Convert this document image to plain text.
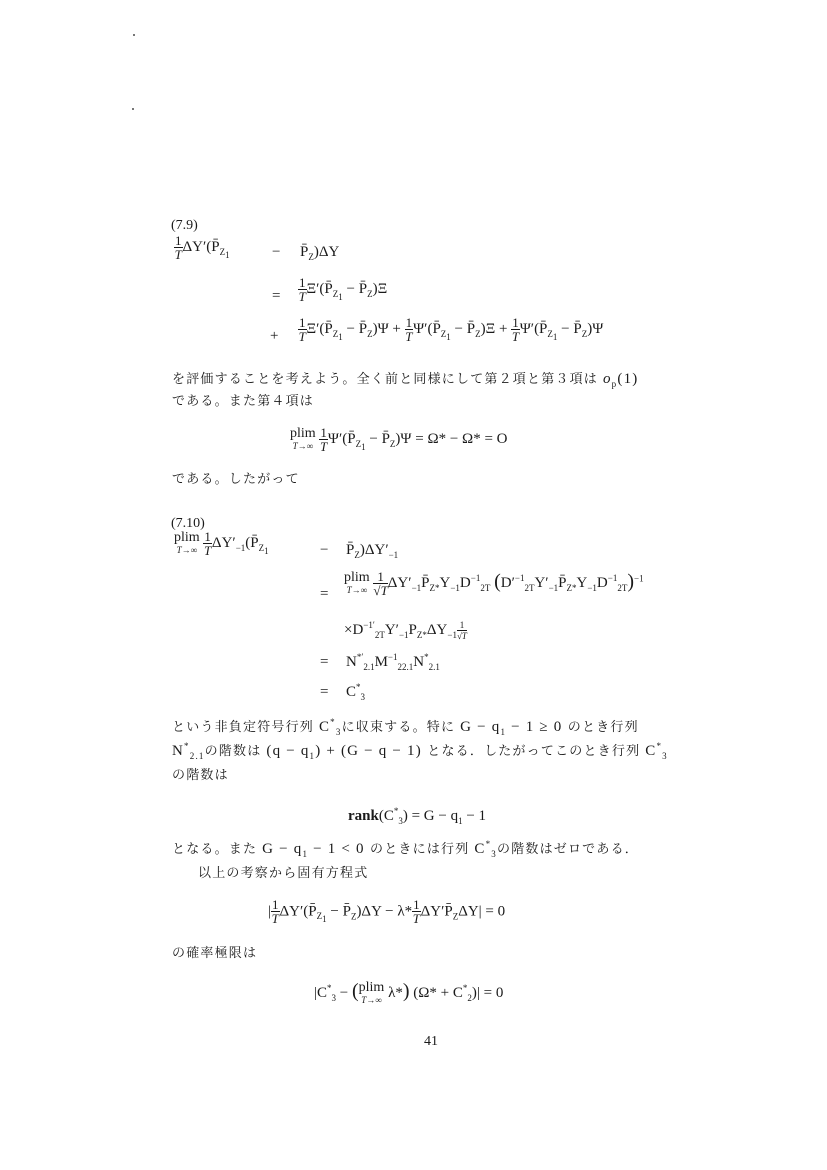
(7.9)
$\frac{1}{T}$ $\Delta Y'(P̄_{Z_1}$	− $P̄_Z)\Delta Y$
= $\frac{1}{T}$ $\Xi'(P̄_{Z_1}$ − $P̄_Z)\Xi$
+ $\frac{1}{T}$ $\Xi'(P̄_{Z_1}$ − $P̄_Z)\Psi + \frac{1}{T}$ $\Psi'(P̄_{Z_1}$ − $P̄_Z)\Xi + \frac{1}{T}$ $\Psi'(P̄_{Z_1}$ − $P̄_Z)\Psi$
を評価することを考えよう。全く前と同様にして第２項と第３項は $o_p(1)$
である。また第４項は
plim
T→∞
$\frac{1}{T}$ $\Psi'(P̄_{Z_1}$ − $P̄_Z)\Psi = \Omega* - \Omega* = O$
である。したがって
(7.10)
plim
T→∞
$\frac{1}{T}$ $\Delta Y'_{-1}(P̄_{Z_1}$	− $P̄_Z)\Delta Y'_{-1}$
=
plim
T→∞
$\frac{1}{√T}$ $\Delta Y'_{-1}P̄_{Z*}Y_{-1}D^{-1}_{2T}$ $(D'^{-1}_{2T}Y'_{-1}P̄_{Z*}Y_{-1}D^{-1}_{2T})^{-1}$
$\times D^{-1'}_{2T}Y'_{-1}P_{Z*}\Delta Y_{-1} \frac{1}{√T}$
= $N^{*'}_{2.1}M^{-1}_{22.1}N^*_{2.1}$
= $C^*_3$
という非負定符号行列 $C^*_3$に収束する。特に $G - q_1 - 1 \ge 0$ のとき行列
$N^*_{2.1}$の階数は $(q - q_1) + (G - q - 1)$ となる．したがってこのとき行列 $C^*_3$
の階数は
$rank(C^*_3) = G - q_1 - 1$
となる。また $G - q_1 - 1 < 0$ のときには行列 $C^*_3$の階数はゼロである．
以上の考察から固有方程式
| $\frac{1}{T}$ $\Delta Y'(P̄_{Z_1}$ − $P̄_Z)\Delta Y - \lambda* \frac{1}{T}$ $\Delta Y'P̄_Z\Delta Y| = 0$
の確率極限は
$|C^*_3$ − ( plim
T→∞ λ*) $(\Omega* + C^*_2)| = 0$
41
